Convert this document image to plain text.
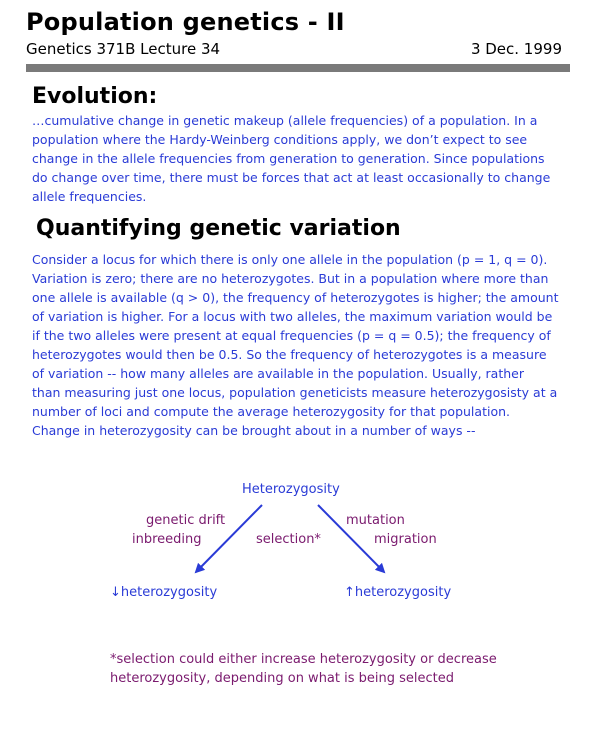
Population genetics - II
Genetics 371B Lecture 34	3 Dec. 1999
Evolution:
…cumulative change in genetic makeup (allele frequencies) of a population. In a
population where the Hardy-Weinberg conditions apply, we don’t expect to see
change in the allele frequencies from generation to generation. Since populations
do change over time, there must be forces that act at least occasionally to change
allele frequencies.
Quantifying genetic variation
Consider a locus for which there is only one allele in the population (p = 1, q = 0).
Variation is zero; there are no heterozygotes. But in a population where more than
one allele is available (q > 0), the frequency of heterozygotes is higher; the amount
of variation is higher. For a locus with two alleles, the maximum variation would be
if the two alleles were present at equal frequencies (p = q = 0.5); the frequency of
heterozygotes would then be 0.5. So the frequency of heterozygotes is a measure
of variation -- how many alleles are available in the population. Usually, rather
than measuring just one locus, population geneticists measure heterozygosisty at a
number of loci and compute the average heterozygosity for that population.
Change in heterozygosity can be brought about in a number of ways --
Heterozygosity
genetic drift
inbreeding	selection*
mutation
migration
↓heterozygosity	↑heterozygosity
*selection could either increase heterozygosity or decrease
heterozygosity, depending on what is being selected
